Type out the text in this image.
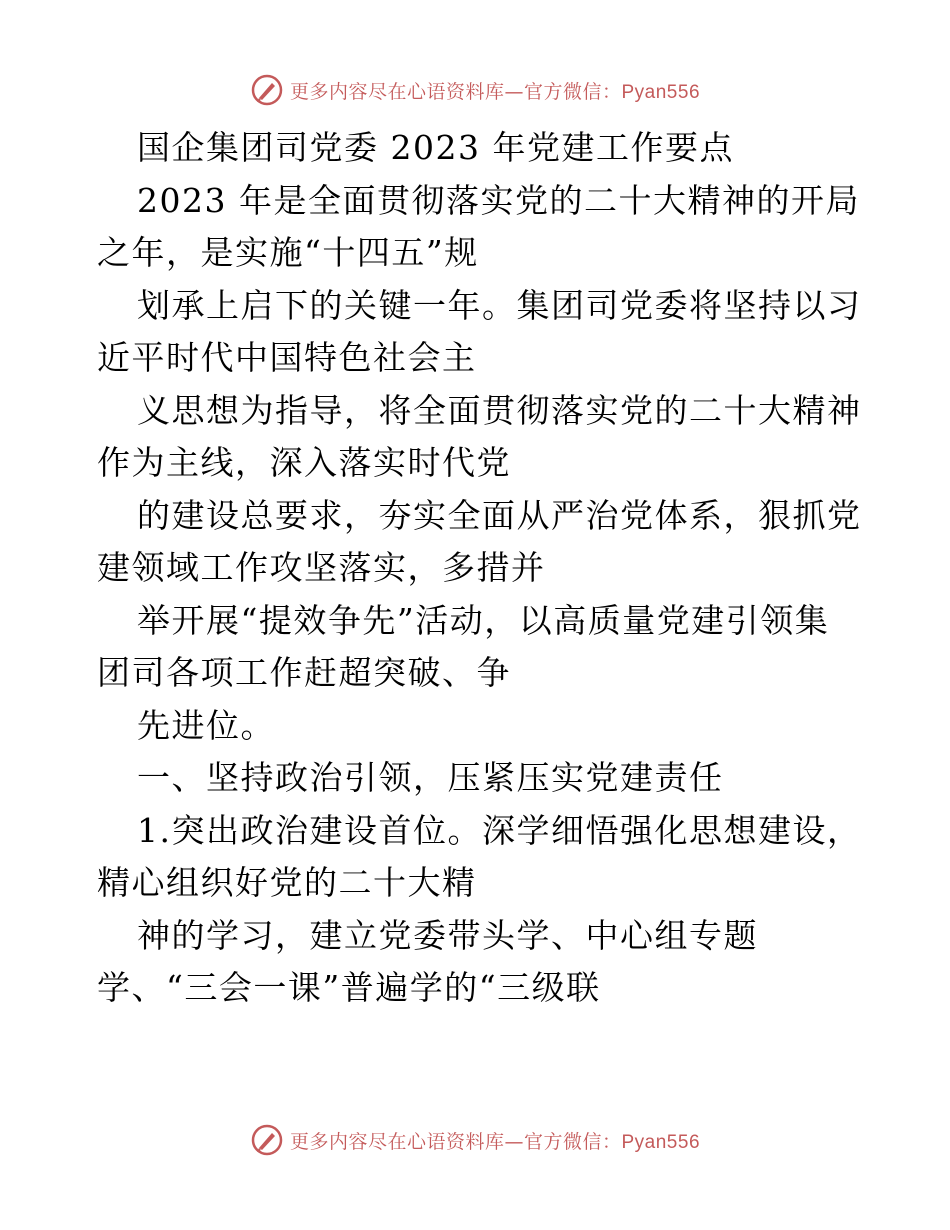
更多内容尽在心语资料库—官方微信：Pyan556
国企集团司党委 2023 年党建工作要点
2023 年是全面贯彻落实党的二十大精神的开局
之年，是实施“十四五”规
划承上启下的关键一年。集团司党委将坚持以习
近平时代中国特色社会主
义思想为指导，将全面贯彻落实党的二十大精神
作为主线，深入落实时代党
的建设总要求，夯实全面从严治党体系，狠抓党
建领域工作攻坚落实，多措并
举开展“提效争先”活动，以高质量党建引领集
团司各项工作赶超突破、争
先进位。
一、坚持政治引领，压紧压实党建责任
1.突出政治建设首位。深学细悟强化思想建设，
精心组织好党的二十大精
神的学习，建立党委带头学、中心组专题
学、“三会一课”普遍学的“三级联
更多内容尽在心语资料库—官方微信：Pyan556
